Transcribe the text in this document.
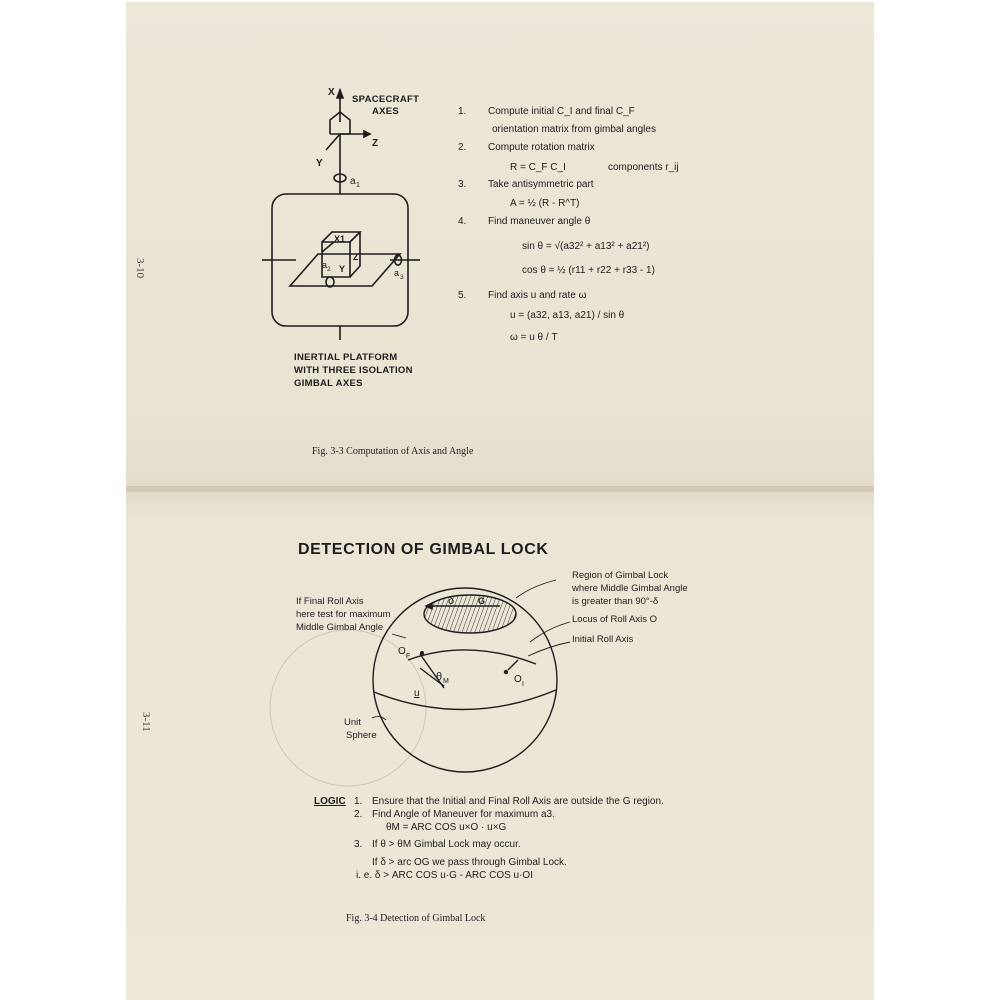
3-10
X
Z
Y
a 1
X1
Z
Y
a 2	a 3
SPACECRAFT
AXES
INERTIAL PLATFORM
WITH THREE ISOLATION
GIMBAL AXES
1. Compute initial C_I and final C_F
orientation matrix from gimbal angles
2. Compute rotation matrix
R = C_F C_I	components r_ij
3. Take antisymmetric part
A = ½ (R - R^T)
4. Find maneuver angle θ
sin θ = √(a32² + a13² + a21²)
cos θ = ½ (r11 + r22 + r33 - 1)
5. Find axis u and rate ω
u = (a32, a13, a21) / sin θ
ω = u θ / T
Fig. 3-3 Computation of Axis and Angle
3-11
DETECTION OF GIMBAL LOCK
δ	G
O F
O I
θ M
u
Region of Gimbal Lock
where Middle Gimbal Angle
is greater than 90°-δ
Locus of Roll Axis O
Initial Roll Axis
If Final Roll Axis
here test for maximum
Middle Gimbal Angle
Unit
Sphere
LOGIC 1. Ensure that the Initial and Final Roll Axis are outside the G region.
2. Find Angle of Maneuver for maximum a3.
θM = ARC COS u×O · u×G
3. If θ > θM Gimbal Lock may occur.
If δ > arc OG we pass through Gimbal Lock.
i. e. δ > ARC COS u·G - ARC COS u·OI
Fig. 3-4 Detection of Gimbal Lock
